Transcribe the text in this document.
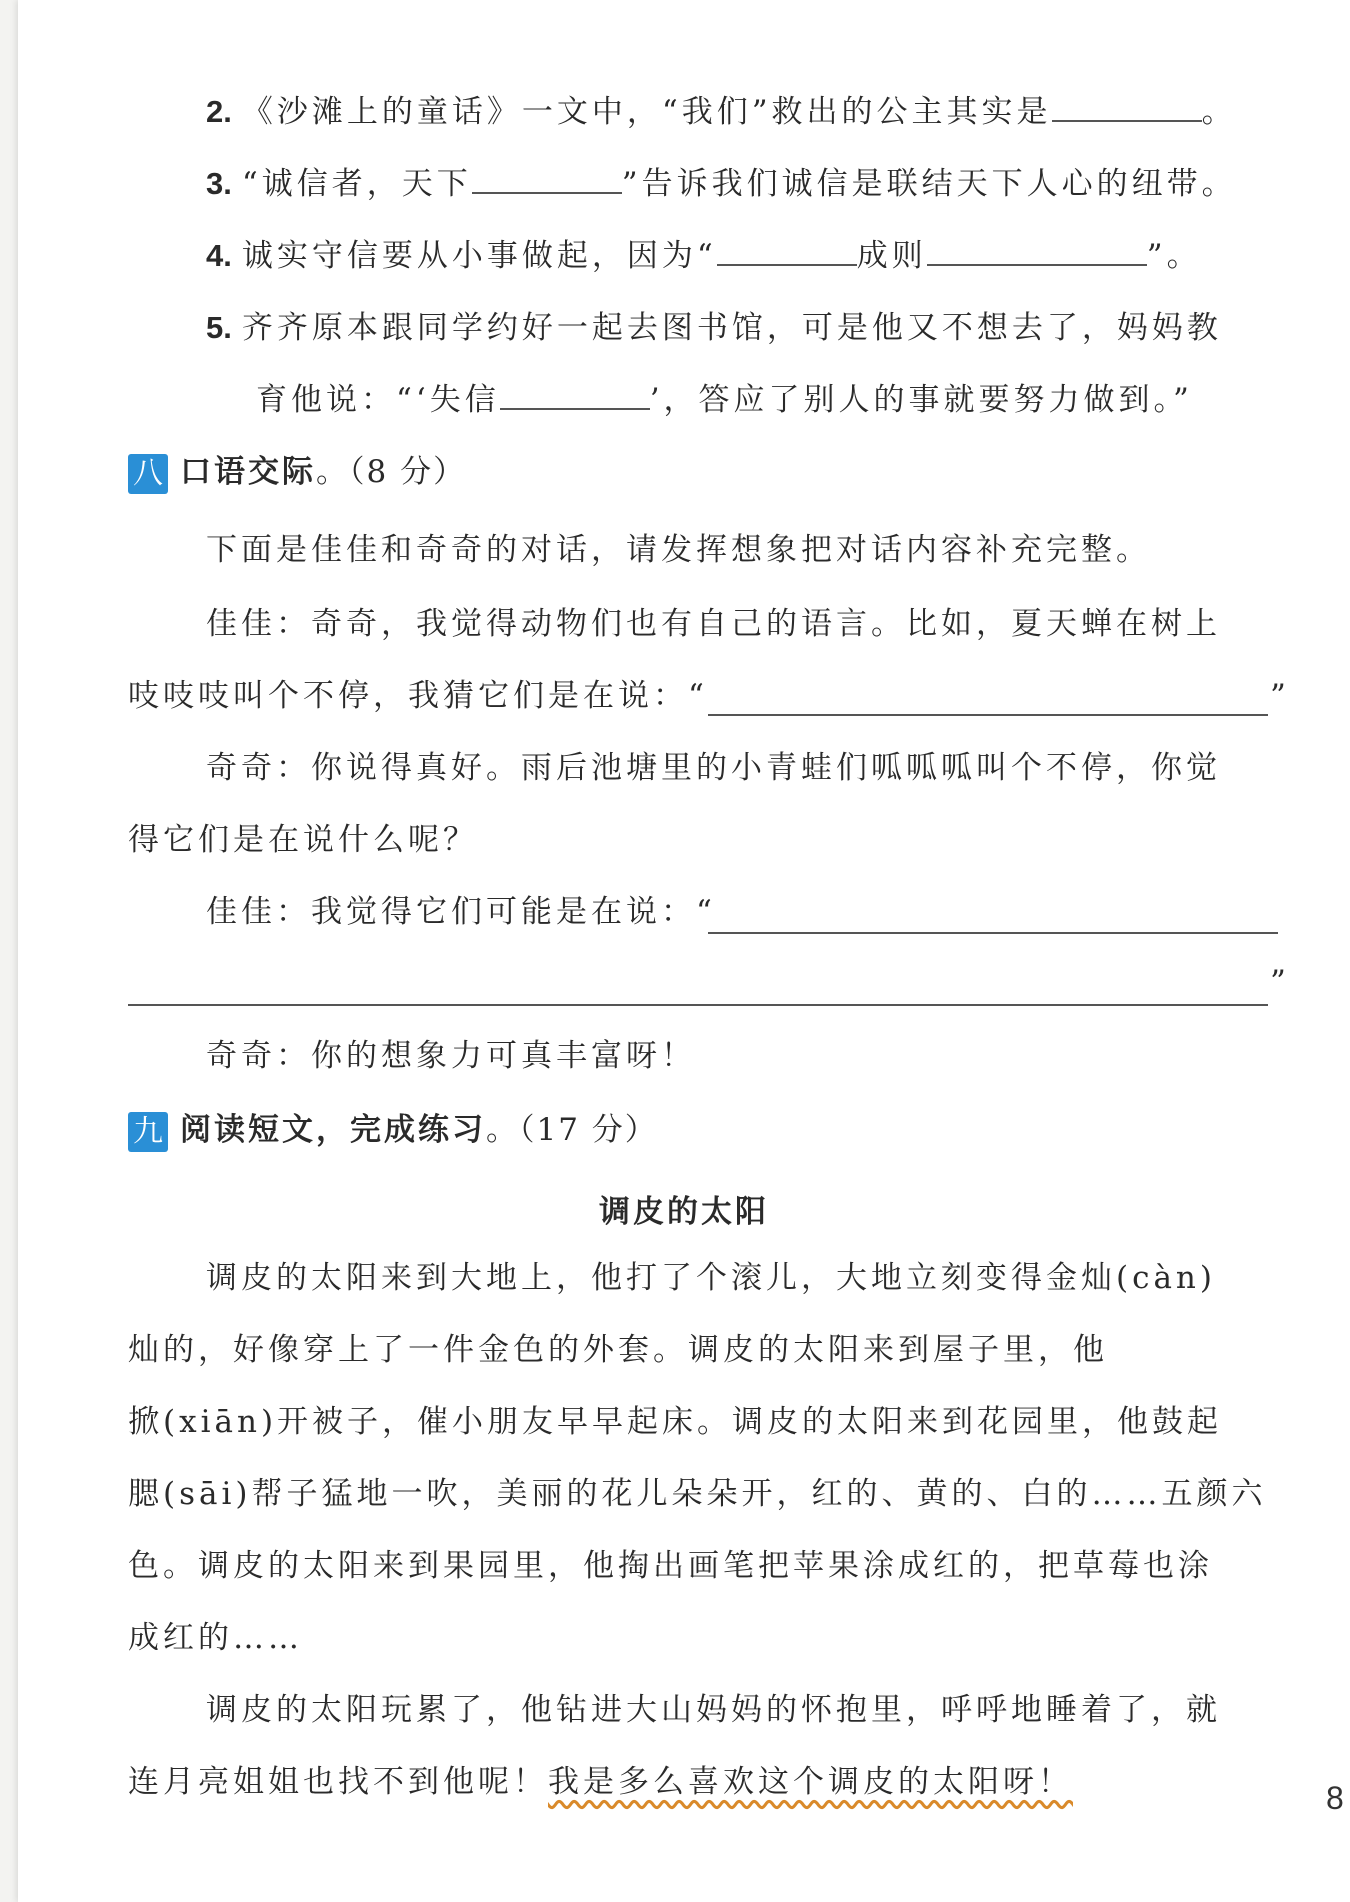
2. 《沙滩上的童话》一文中，“我们”救出的公主其实是	。
3. “诚信者，天下	”告诉我们诚信是联结天下人心的纽带。
4. 诚实守信要从小事做起，因为“	成则	”。
5. 齐齐原本跟同学约好一起去图书馆，可是他又不想去了，妈妈教
育他说：“‘失信	’，答应了别人的事就要努力做到。”
八 口语交际。（8 分）
下面是佳佳和奇奇的对话，请发挥想象把对话内容补充完整。
佳佳：奇奇，我觉得动物们也有自己的语言。比如，夏天蝉在树上
吱吱吱叫个不停，我猜它们是在说：“	”
奇奇：你说得真好。雨后池塘里的小青蛙们呱呱呱叫个不停，你觉
得它们是在说什么呢？
佳佳：我觉得它们可能是在说：“
”
奇奇：你的想象力可真丰富呀！
九 阅读短文，完成练习。（17 分）
调皮的太阳
调皮的太阳来到大地上，他打了个滚儿，大地立刻变得金灿(càn)
灿的，好像穿上了一件金色的外套。调皮的太阳来到屋子里，他
掀(xiān)开被子，催小朋友早早起床。调皮的太阳来到花园里，他鼓起
腮(sāi)帮子猛地一吹，美丽的花儿朵朵开，红的、黄的、白的……五颜六
色。调皮的太阳来到果园里，他掏出画笔把苹果涂成红的，把草莓也涂
成红的……
调皮的太阳玩累了，他钻进大山妈妈的怀抱里，呼呼地睡着了，就
连月亮姐姐也找不到他呢！我是多么喜欢这个调皮的太阳呀！	8
